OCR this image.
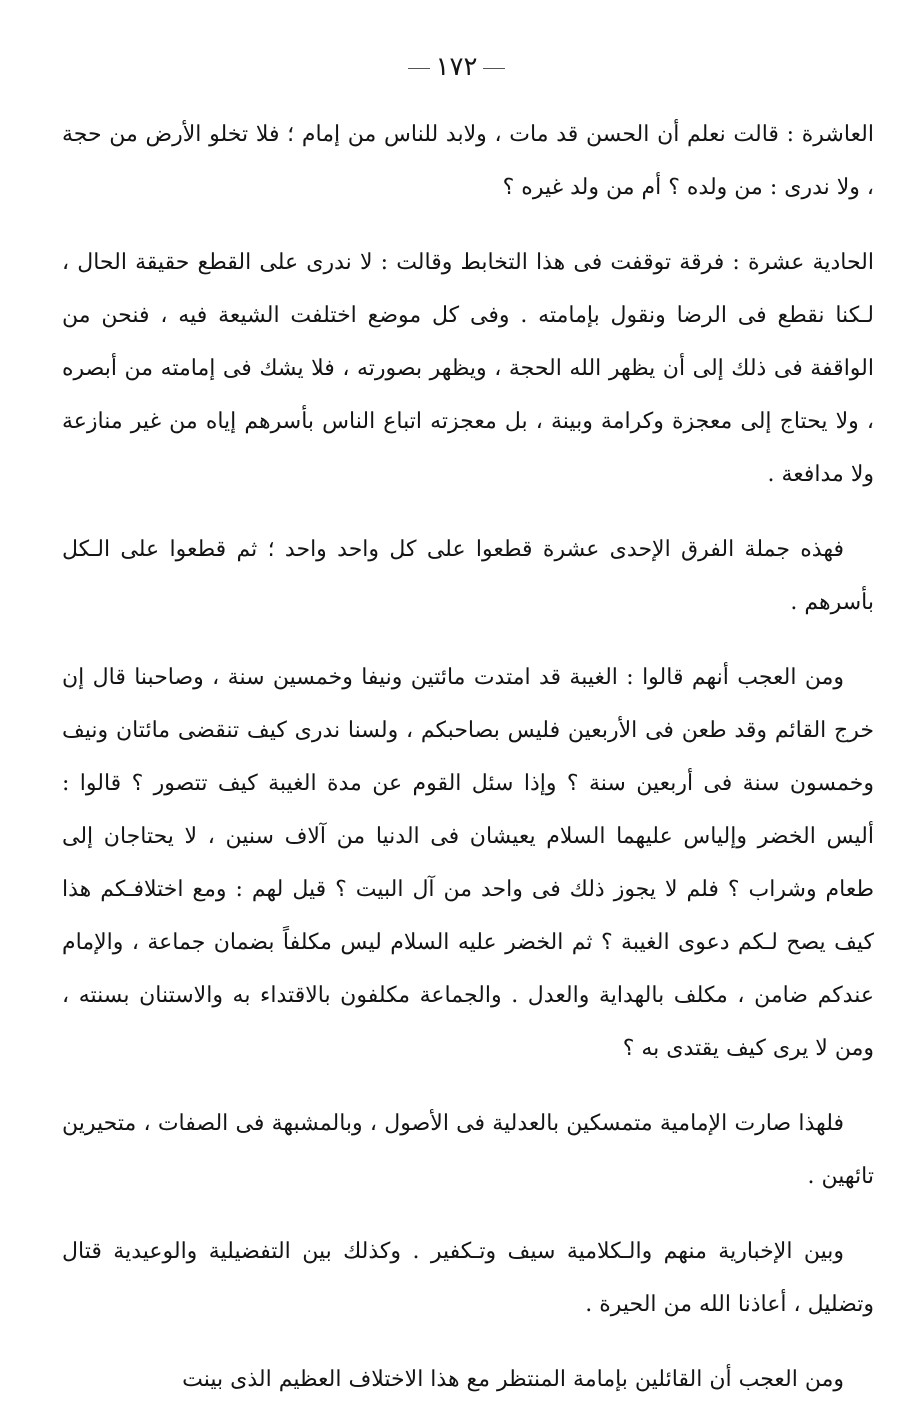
١٧٢

العاشرة : قالت نعلم أن الحسن قد مات ، ولابد للناس من إمام ؛ فلا تخلو الأرض من حجة ، ولا ندرى : من ولده ؟ أم من ولد غيره ؟

الحادية عشرة : فرقة توقفت فى هذا التخابط وقالت : لا ندرى على القطع حقيقة الحال ، لـكنا نقطع فى الرضا ونقول بإمامته . وفى كل موضع اختلفت الشيعة فيه ، فنحن من الواقفة فى ذلك إلى أن يظهر الله الحجة ، ويظهر بصورته ، فلا يشك فى إمامته من أبصره ، ولا يحتاج إلى معجزة وكرامة وبينة ، بل معجزته اتباع الناس بأسرهم إياه من غير منازعة ولا مدافعة .

فهذه جملة الفرق الإحدى عشرة قطعوا على كل واحد واحد ؛ ثم قطعوا على الـكل بأسرهم .

ومن العجب أنهم قالوا : الغيبة قد امتدت مائتين ونيفا وخمسين سنة ، وصاحبنا قال إن خرج القائم وقد طعن فى الأربعين فليس بصاحبكم ، ولسنا ندرى كيف تنقضى مائتان ونيف وخمسون سنة فى أربعين سنة ؟ وإذا سئل القوم عن مدة الغيبة كيف تتصور ؟ قالوا : أليس الخضر وإلياس عليهما السلام يعيشان فى الدنيا من آلاف سنين ، لا يحتاجان إلى طعام وشراب ؟ فلم لا يجوز ذلك فى واحد من آل البيت ؟ قيل لهم : ومع اختلافـكم هذا كيف يصح لـكم دعوى الغيبة ؟ ثم الخضر عليه السلام ليس مكلفاً بضمان جماعة ، والإمام عندكم ضامن ، مكلف بالهداية والعدل . والجماعة مكلفون بالاقتداء به والاستنان بسنته ، ومن لا يرى كيف يقتدى به ؟

فلهذا صارت الإمامية متمسكين بالعدلية فى الأصول ، وبالمشبهة فى الصفات ، متحيرين تائهين .

وبين الإخبارية منهم والـكلامية سيف وتـكفير . وكذلك بين التفضيلية والوعيدية قتال وتضليل ، أعاذنا الله من الحيرة .

ومن العجب أن القائلين بإمامة المنتظر مع هذا الاختلاف العظيم الذى بينت
